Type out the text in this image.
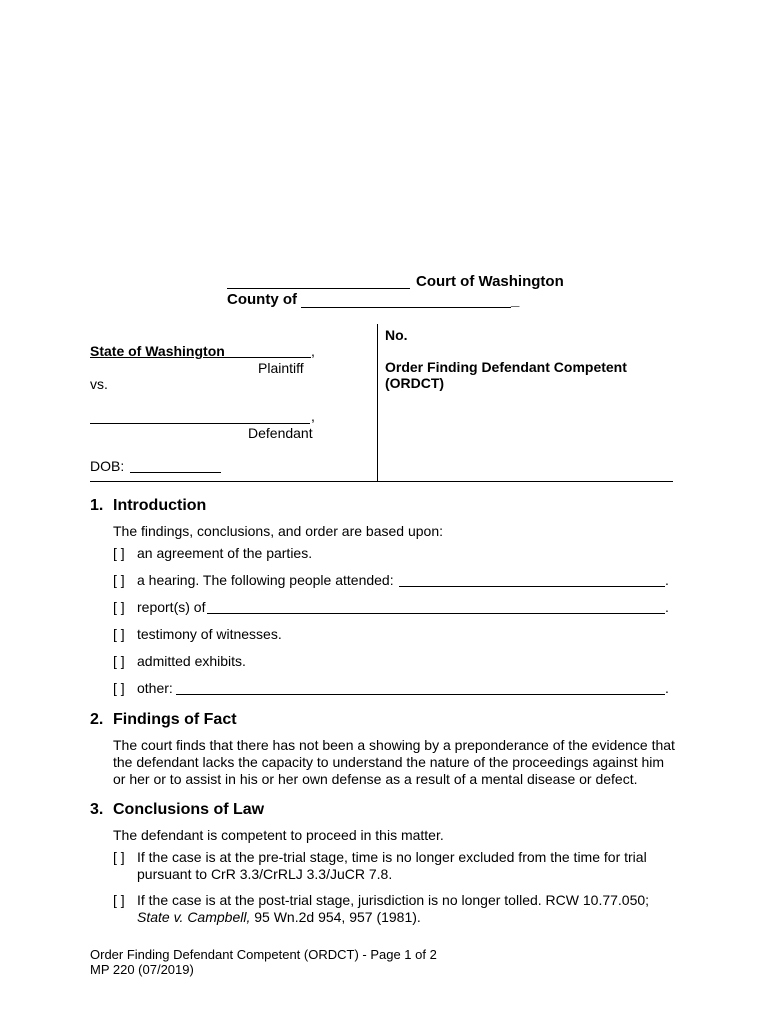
Court of Washington
County of	_
State of Washington	,
Plaintiff
vs.
,
Defendant
DOB:
No.
Order Finding Defendant Competent
(ORDCT)
1. Introduction
The findings, conclusions, and order are based upon:
[ ] an agreement of the parties.
[ ] a hearing. The following people attended:	.
[ ] report(s) of	.
[ ] testimony of witnesses.
[ ] admitted exhibits.
[ ] other:	.
2. Findings of Fact
The court finds that there has not been a showing by a preponderance of the evidence that the defendant lacks the capacity to understand the nature of the proceedings against him or her or to assist in his or her own defense as a result of a mental disease or defect.
3. Conclusions of Law
The defendant is competent to proceed in this matter.
[ ] If the case is at the pre-trial stage, time is no longer excluded from the time for trial
pursuant to CrR 3.3/CrRLJ 3.3/JuCR 7.8.
[ ] If the case is at the post-trial stage, jurisdiction is no longer tolled. RCW 10.77.050;
State v. Campbell, 95 Wn.2d 954, 957 (1981).
Order Finding Defendant Competent (ORDCT) - Page 1 of 2
MP 220 (07/2019)
